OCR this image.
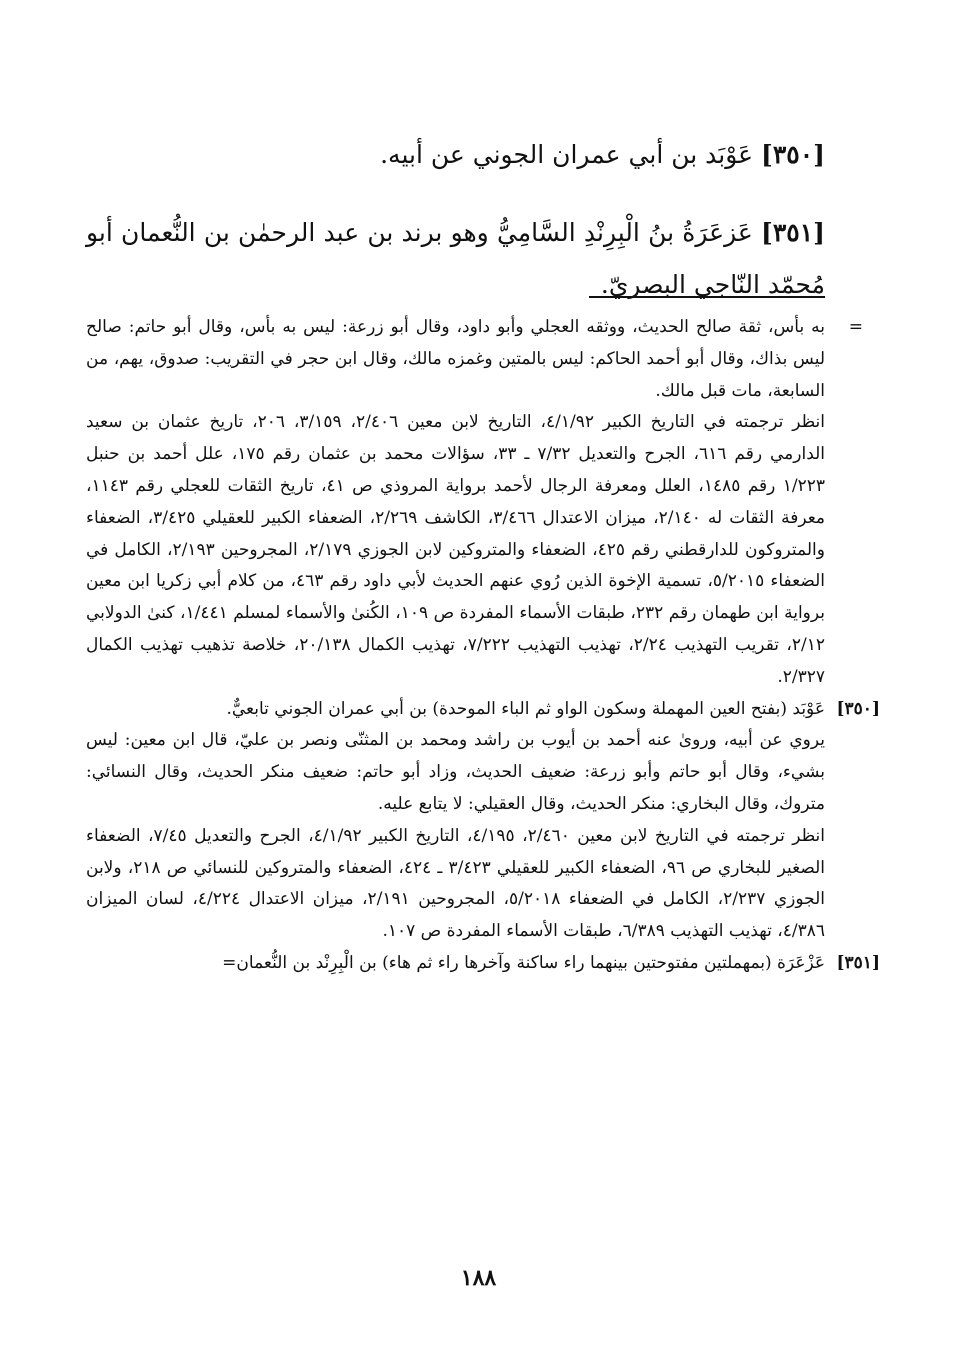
[٣٥٠] عَوْبَد بن أبي عمران الجوني عن أبيه.

[٣٥١] عَزعَرَةُ بنُ الْبِرِنْدِ السَّامِيُّ وهو برند بن عبد الرحمٰن بن النُّعمان أبو مُحمّد النّاجي البصريّ.

=

به بأس، ثقة صالح الحديث، ووثقه العجلي وأبو داود، وقال أبو زرعة: ليس به بأس، وقال أبو حاتم: صالح ليس بذاك، وقال أبو أحمد الحاكم: ليس بالمتين وغمزه مالك، وقال ابن حجر في التقريب: صدوق، يهم، من السابعة، مات قبل مالك.

انظر ترجمته في التاريخ الكبير ٤/١/٩٢، التاريخ لابن معين ٢/٤٠٦، ٣/١٥٩، ٢٠٦، تاريخ عثمان بن سعيد الدارمي رقم ٦١٦، الجرح والتعديل ٧/٣٢ ـ ٣٣، سؤالات محمد بن عثمان رقم ١٧٥، علل أحمد بن حنبل ١/٢٢٣ رقم ١٤٨٥، العلل ومعرفة الرجال لأحمد برواية المروذي ص ٤١، تاريخ الثقات للعجلي رقم ١١٤٣، معرفة الثقات له ٢/١٤٠، ميزان الاعتدال ٣/٤٦٦، الكاشف ٢/٢٦٩، الضعفاء الكبير للعقيلي ٣/٤٢٥، الضعفاء والمتروكون للدارقطني رقم ٤٢٥، الضعفاء والمتروكين لابن الجوزي ٢/١٧٩، المجروحين ٢/١٩٣، الكامل في الضعفاء ٥/٢٠١٥، تسمية الإخوة الذين رُوي عنهم الحديث لأبي داود رقم ٤٦٣، من كلام أبي زكريا ابن معين برواية ابن طهمان رقم ٢٣٢، طبقات الأسماء المفردة ص ١٠٩، الكُنىٰ والأسماء لمسلم ١/٤٤١، كنىٰ الدولابي ٢/١٢، تقريب التهذيب ٢/٢٤، تهذيب التهذيب ٧/٢٢٢، تهذيب الكمال ٢٠/١٣٨، خلاصة تذهيب تهذيب الكمال ٢/٣٢٧.

[٣٥٠]

عَوْبَد (بفتح العين المهملة وسكون الواو ثم الباء الموحدة) بن أبي عمران الجوني تابعيٌّ.

يروي عن أبيه، وروىٰ عنه أحمد بن أيوب بن راشد ومحمد بن المثنّى ونصر بن عليّ، قال ابن معين: ليس بشيء، وقال أبو حاتم وأبو زرعة: ضعيف الحديث، وزاد أبو حاتم: ضعيف منكر الحديث، وقال النسائي: متروك، وقال البخاري: منكر الحديث، وقال العقيلي: لا يتابع عليه.

انظر ترجمته في التاريخ لابن معين ٢/٤٦٠، ٤/١٩٥، التاريخ الكبير ٤/١/٩٢، الجرح والتعديل ٧/٤٥، الضعفاء الصغير للبخاري ص ٩٦، الضعفاء الكبير للعقيلي ٣/٤٢٣ ـ ٤٢٤، الضعفاء والمتروكين للنسائي ص ٢١٨، ولابن الجوزي ٢/٢٣٧، الكامل في الضعفاء ٥/٢٠١٨، المجروحين ٢/١٩١، ميزان الاعتدال ٤/٢٢٤، لسان الميزان ٤/٣٨٦، تهذيب التهذيب ٦/٣٨٩، طبقات الأسماء المفردة ص ١٠٧.

[٣٥١]

عَزْعَرَة (بمهملتين مفتوحتين بينهما راء ساكنة وآخرها راء ثم هاء) بن الْبِرِنْد بن النُّعمان=

١٨٨
